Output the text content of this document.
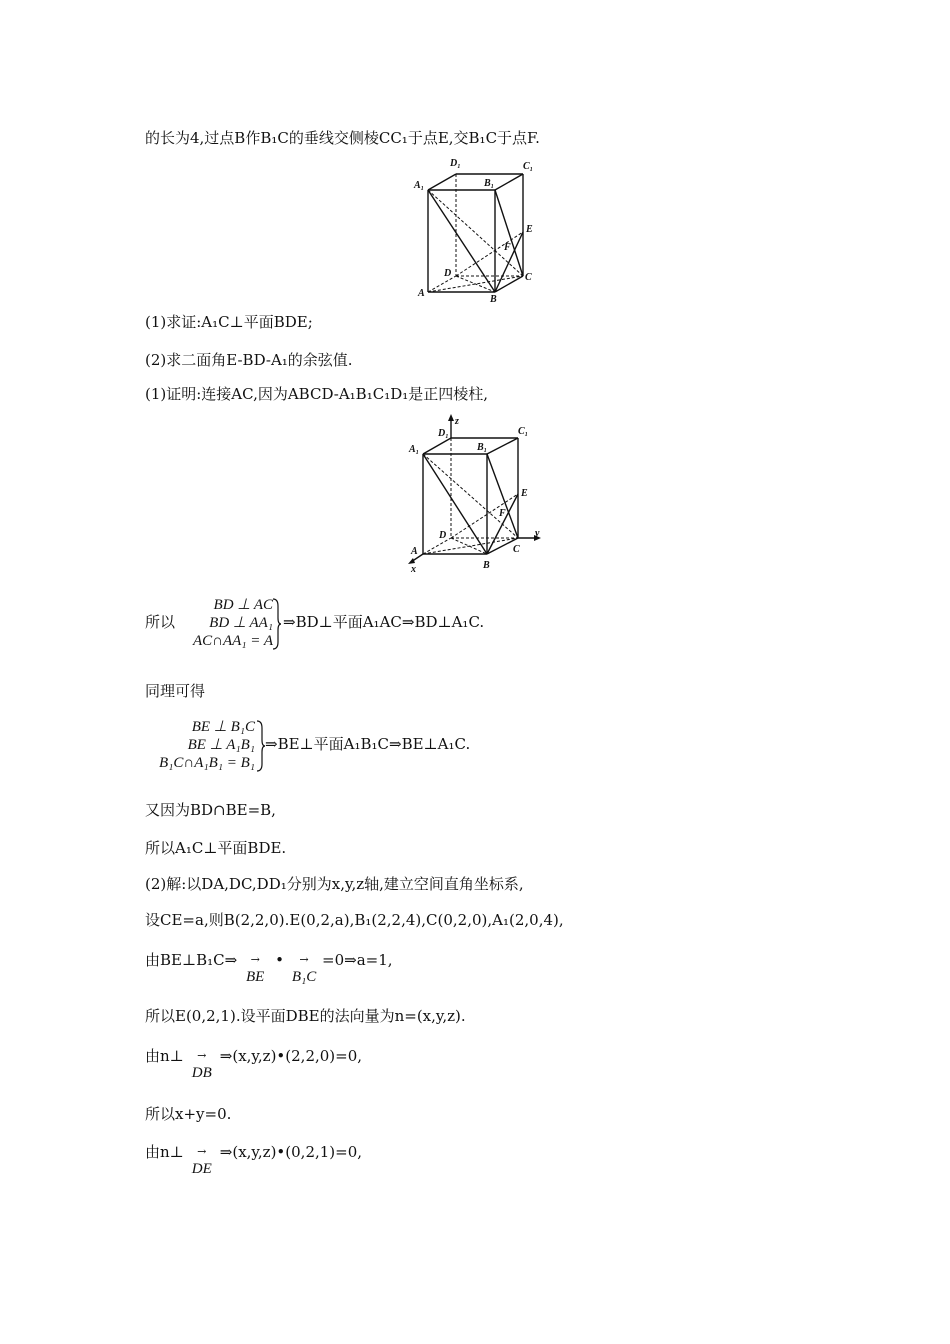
的长为4,过点B作B₁C的垂线交侧棱CC₁于点E,交B₁C于点F.
D₁	C₁
A₁	B₁
E
F
D	C
A
B
(1)求证:A₁C⊥平面BDE;
(2)求二面角E-BD-A₁的余弦值.
(1)证明:连接AC,因为ABCD-A₁B₁C₁D₁是正四棱柱,
D₁
z
C₁
A₁	B₁
E
F
D
C
y
A
x	B
所以
BD ⊥ AC
BD ⊥ AA₁
AC∩AA₁ = A
⇒BD⊥平面A₁AC⇒BD⊥A₁C.
同理可得
BE ⊥ B₁C
BE ⊥ A₁B₁
B₁C∩A₁B₁ = B₁
⇒BE⊥平面A₁B₁C⇒BE⊥A₁C.
又因为BD∩BE=B,
所以A₁C⊥平面BDE.
(2)解:以DA,DC,DD₁分别为x,y,z轴,建立空间直角坐标系,
设CE=a,则B(2,2,0).E(0,2,a),B₁(2,2,4),C(0,2,0),A₁(2,0,4),
由BE⊥B₁C⇒	→
BE
•	→
B₁C
=0⇒a=1,
所以E(0,2,1).设平面DBE的法向量为n=(x,y,z).
由n⊥	→
DB
⇒(x,y,z)•(2,2,0)=0,
所以x+y=0.
由n⊥	→
DE
⇒(x,y,z)•(0,2,1)=0,
